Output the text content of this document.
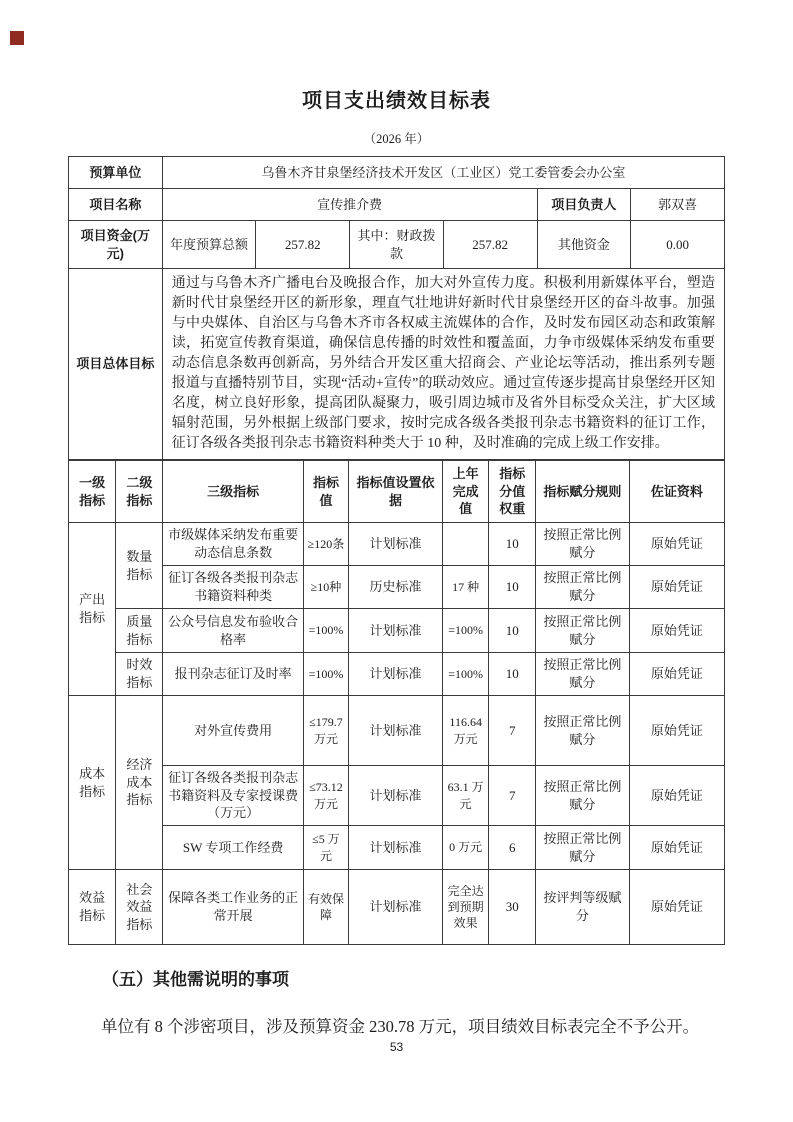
项目支出绩效目标表
（2026 年）
预算单位	乌鲁木齐甘泉堡经济技术开发区（工业区）党工委管委会办公室					
项目名称	宣传推介费				项目负责人	郭双喜
项目资金(万元)	年度预算总额	257.82	其中：财政拨款	257.82	其他资金	0.00
项目总体目标	通过与乌鲁木齐广播电台及晚报合作，加大对外宣传力度。积极利用新媒体平台，塑造新时代甘泉堡经开区的新形象，理直气壮地讲好新时代甘泉堡经开区的奋斗故事。加强与中央媒体、自治区与乌鲁木齐市各权威主流媒体的合作，及时发布园区动态和政策解读，拓宽宣传教育渠道，确保信息传播的时效性和覆盖面，力争市级媒体采纳发布重要动态信息条数再创新高，另外结合开发区重大招商会、产业论坛等活动，推出系列专题报道与直播特别节目，实现“活动+宣传”的联动效应。通过宣传逐步提高甘泉堡经开区知名度，树立良好形象，提高团队凝聚力，吸引周边城市及省外目标受众关注，扩大区域辐射范围，另外根据上级部门要求，按时完成各级各类报刊杂志书籍资料的征订工作，征订各级各类报刊杂志书籍资料种类大于 10 种，及时准确的完成上级工作安排。					
一级指标	二级指标	三级指标	指标值	指标值设置依据	上年完成值	指标分值权重	指标赋分规则	佐证资料
产出指标	数量指标	市级媒体采纳发布重要动态信息条数	≥120条	计划标准		10	按照正常比例赋分	原始凭证
		征订各级各类报刊杂志书籍资料种类	≥10种	历史标准	17 种	10	按照正常比例赋分	原始凭证
	质量指标	公众号信息发布验收合格率	=100%	计划标准	=100%	10	按照正常比例赋分	原始凭证
	时效指标	报刊杂志征订及时率	=100%	计划标准	=100%	10	按照正常比例赋分	原始凭证
成本指标	经济成本指标	对外宣传费用	≤179.7 万元	计划标准	116.64 万元	7	按照正常比例赋分	原始凭证
		征订各级各类报刊杂志书籍资料及专家授课费（万元）	≤73.12 万元	计划标准	63.1 万元	7	按照正常比例赋分	原始凭证
		SW 专项工作经费	≤5 万元	计划标准	0 万元	6	按照正常比例赋分	原始凭证
效益指标	社会效益指标	保障各类工作业务的正常开展	有效保障	计划标准	完全达到预期效果	30	按评判等级赋分	原始凭证
（五）其他需说明的事项
单位有 8 个涉密项目，涉及预算资金 230.78 万元，项目绩效目标表完全不予公开。
53
